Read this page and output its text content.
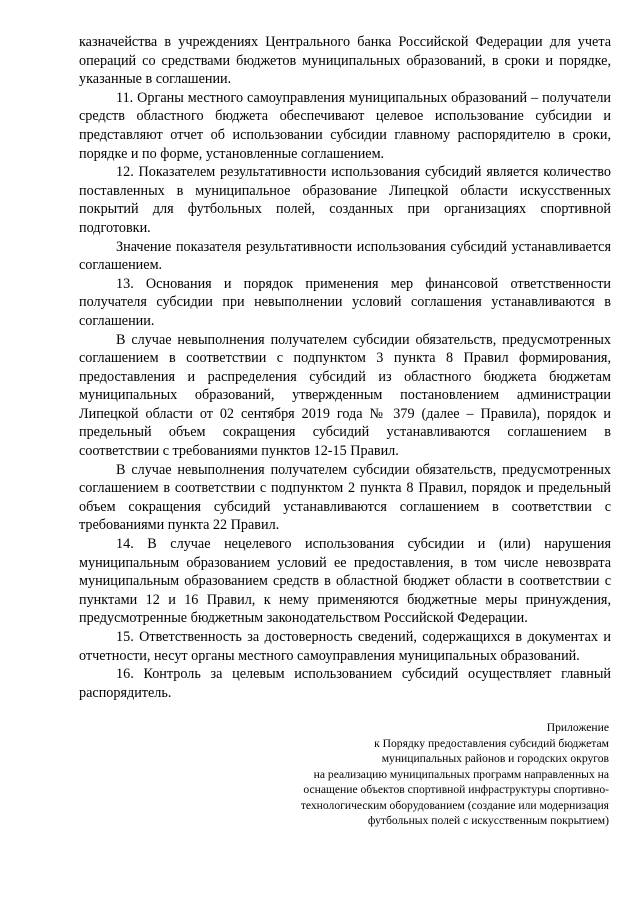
казначейства в учреждениях Центрального банка Российской Федерации для учета операций со средствами бюджетов муниципальных образований, в сроки и порядке, указанные в соглашении.

11. Органы местного самоуправления муниципальных образований – получатели средств областного бюджета обеспечивают целевое использование субсидии и представляют отчет об использовании субсидии главному распорядителю в сроки, порядке и по форме, установленные соглашением.

12. Показателем результативности использования субсидий является количество поставленных в муниципальное образование Липецкой области искусственных покрытий для футбольных полей, созданных при организациях спортивной подготовки.

Значение показателя результативности использования субсидий устанавливается соглашением.

13. Основания и порядок применения мер финансовой ответственности получателя субсидии при невыполнении условий соглашения устанавливаются в соглашении.

В случае невыполнения получателем субсидии обязательств, предусмотренных соглашением в соответствии с подпунктом 3 пункта 8 Правил формирования, предоставления и распределения субсидий из областного бюджета бюджетам муниципальных образований, утвержденным постановлением администрации Липецкой области от 02 сентября 2019 года № 379 (далее – Правила), порядок и предельный объем сокращения субсидий устанавливаются соглашением в соответствии с требованиями пунктов 12-15 Правил.

В случае невыполнения получателем субсидии обязательств, предусмотренных соглашением в соответствии с подпунктом 2 пункта 8 Правил, порядок и предельный объем сокращения субсидий устанавливаются соглашением в соответствии с требованиями пункта 22 Правил.

14. В случае нецелевого использования субсидии и (или) нарушения муниципальным образованием условий ее предоставления, в том числе невозврата муниципальным образованием средств в областной бюджет области в соответствии с пунктами 12 и 16 Правил, к нему применяются бюджетные меры принуждения, предусмотренные бюджетным законодательством Российской Федерации.

15. Ответственность за достоверность сведений, содержащихся в документах и отчетности, несут органы местного самоуправления муниципальных образований.

16. Контроль за целевым использованием субсидий осуществляет главный распорядитель.

Приложение
к Порядку предоставления субсидий бюджетам
муниципальных районов и городских округов
на реализацию муниципальных программ направленных на
оснащение объектов спортивной инфраструктуры спортивно-
технологическим оборудованием (создание или модернизация
футбольных полей с искусственным покрытием)
